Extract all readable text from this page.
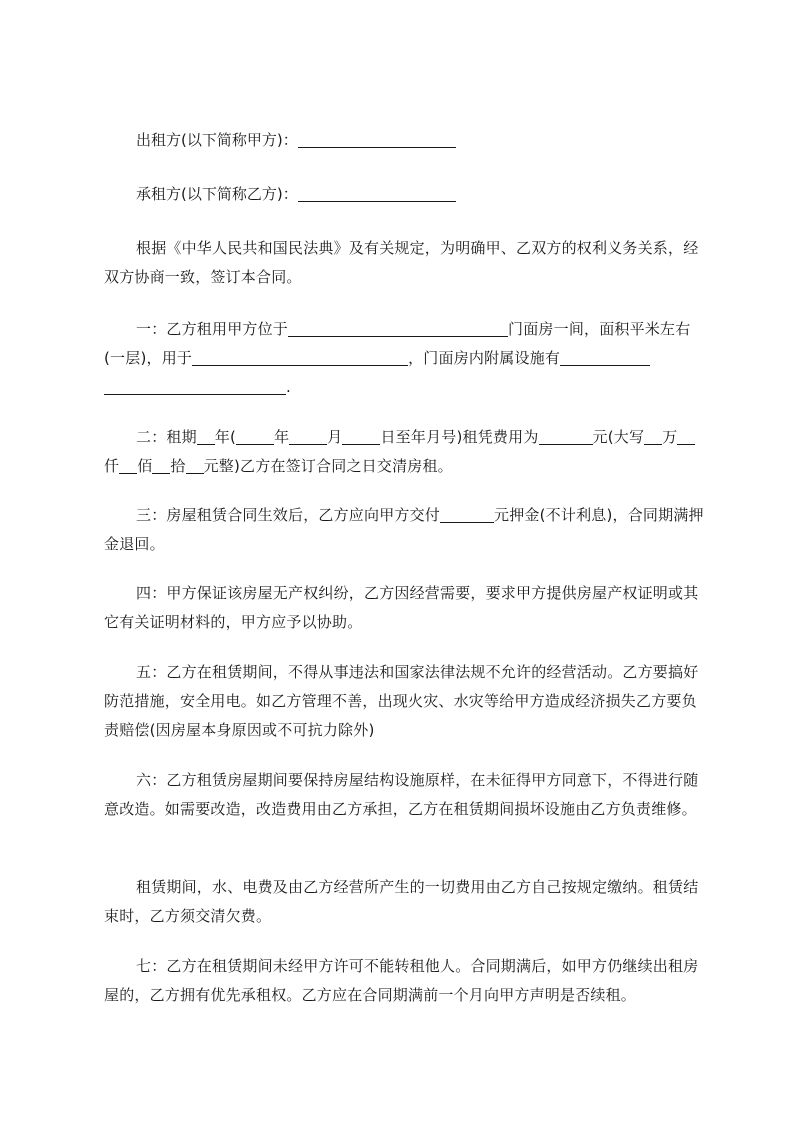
出租方(以下简称甲方)：

承租方(以下简称乙方)：

根据《中华人民共和国民法典》及有关规定，为明确甲、乙双方的权利义务关系，经双方协商一致，签订本合同。

一：乙方租用甲方位于	门面房一间，面积平米左右(一层)，用于	，门面房内附属设施有.

二：租期 年(	年	月	日至年月号)租凭费用为	元(大写 万仟 佰 拾 元整)乙方在签订合同之日交清房租。

三：房屋租赁合同生效后，乙方应向甲方交付	元押金(不计利息)，合同期满押金退回。

四：甲方保证该房屋无产权纠纷，乙方因经营需要，要求甲方提供房屋产权证明或其它有关证明材料的，甲方应予以协助。

五：乙方在租赁期间，不得从事违法和国家法律法规不允许的经营活动。乙方要搞好防范措施，安全用电。如乙方管理不善，出现火灾、水灾等给甲方造成经济损失乙方要负责赔偿(因房屋本身原因或不可抗力除外)

六：乙方租赁房屋期间要保持房屋结构设施原样，在未征得甲方同意下，不得进行随意改造。如需要改造，改造费用由乙方承担，乙方在租赁期间损坏设施由乙方负责维修。

租赁期间，水、电费及由乙方经营所产生的一切费用由乙方自己按规定缴纳。租赁结束时，乙方须交清欠费。

七：乙方在租赁期间未经甲方许可不能转租他人。合同期满后，如甲方仍继续出租房屋的，乙方拥有优先承租权。乙方应在合同期满前一个月向甲方声明是否续租。
